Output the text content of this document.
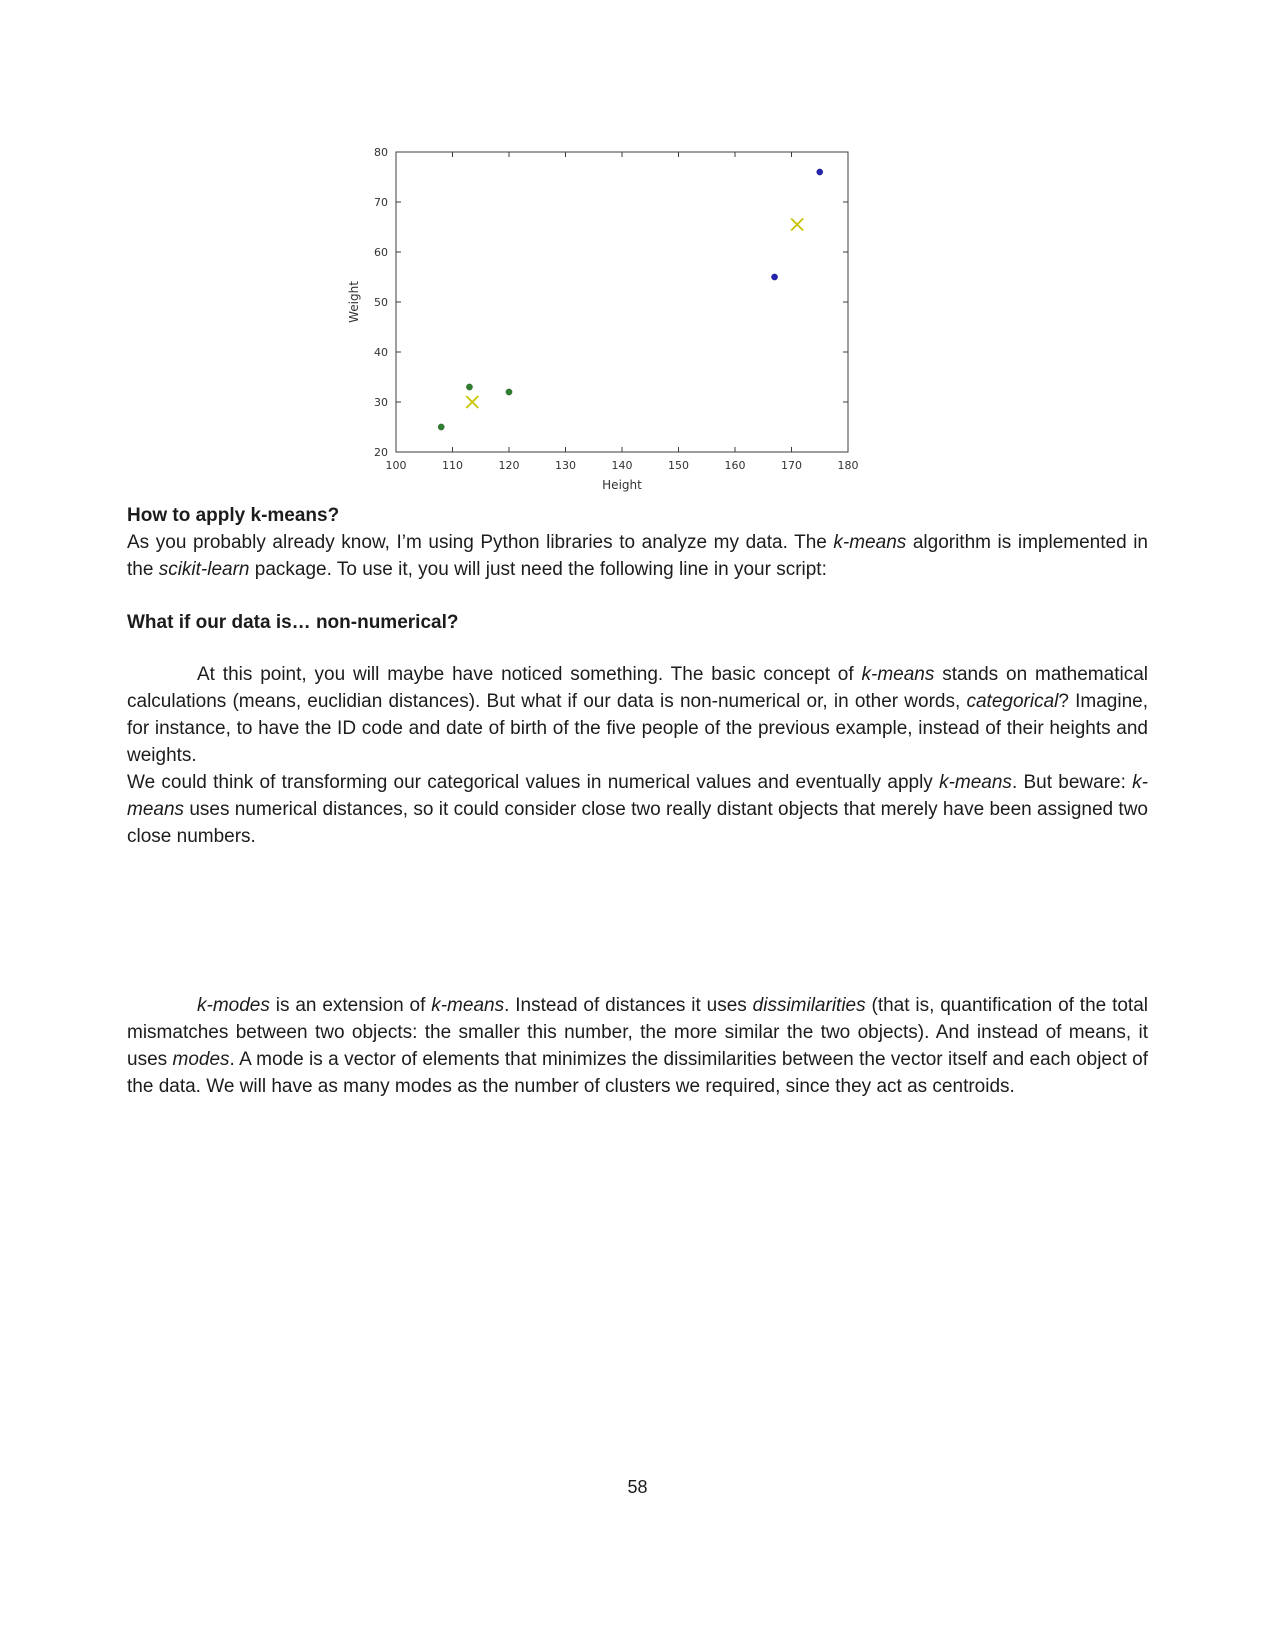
100	110	120	130	140	150	160	170	180
20
30
40
50
60
70
80
Height
Weight
How to apply k-means?

As you probably already know, I’m using Python libraries to analyze my data. The k-means algorithm is implemented in the scikit-learn package. To use it, you will just need the following line in your script:

What if our data is… non-numerical?

At this point, you will maybe have noticed something. The basic concept of k-means stands on mathematical calculations (means, euclidian distances). But what if our data is non-numerical or, in other words, categorical? Imagine, for instance, to have the ID code and date of birth of the five people of the previous example, instead of their heights and weights.

We could think of transforming our categorical values in numerical values and eventually apply k-means. But beware: k-means uses numerical distances, so it could consider close two really distant objects that merely have been assigned two close numbers.

k-modes is an extension of k-means. Instead of distances it uses dissimilarities (that is, quantification of the total mismatches between two objects: the smaller this number, the more similar the two objects). And instead of means, it uses modes. A mode is a vector of elements that minimizes the dissimilarities between the vector itself and each object of the data. We will have as many modes as the number of clusters we required, since they act as centroids.

58
